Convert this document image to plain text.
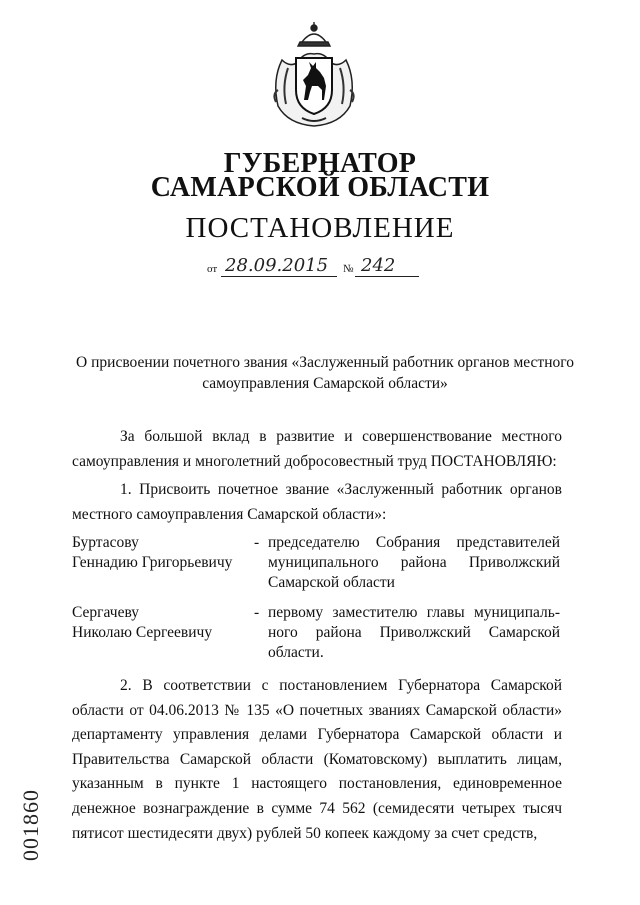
ГУБЕРНАТОР
САМАРСКОЙ ОБЛАСТИ
ПОСТАНОВЛЕНИЕ
от 28.09.2015 № 242
О присвоении почетного звания «Заслуженный работник органов местного самоуправления Самарской области»
За большой вклад в развитие и совершенствование местного самоуправления и многолетний добросовестный труд ПОСТАНОВЛЯЮ:
1. Присвоить почетное звание «Заслуженный работник органов местного самоуправления Самарской области»:
Буртасову
Геннадию Григорьевичу
- председателю Собрания представителей муниципального района Приволжский Самарской области
Сергачеву
Николаю Сергеевичу
- первому заместителю главы муниципаль-ного района Приволжский Самарской области.
2. В соответствии с постановлением Губернатора Самарской области от 04.06.2013 № 135 «О почетных званиях Самарской области» департаменту управления делами Губернатора Самарской области и Правительства Самарской области (Коматовскому) выплатить лицам, указанным в пункте 1 настоящего постановления, единовременное денежное вознаграждение в сумме 74 562 (семидесяти четырех тысяч пятисот шестидесяти двух) рублей 50 копеек каждому за счет средств,
001860
